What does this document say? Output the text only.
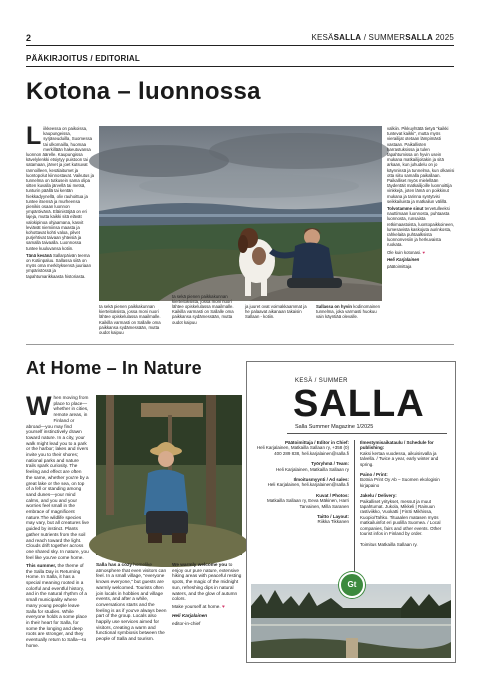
2	KESÄSALLA / SUMMERSALLA 2025
PÄÄKIRJOITUS / EDITORIAL
Kotona – luonnossa

Liikkeessa on paikoissa, kaupungeissa, syrjäseuduilla, Suomessa tai ulkomailla, huomaa merkillään hakeutuvansa luonnon äärelle. Kaupungissa kävelylenkki etsiytyy puistoon tai satamaan, järvet ja joet kutsuvat rannoilleen, kesälaitumet ja luontopolut kiinnostavat. Vaikutus ja tunnelma on tutkusein sama olipa sitten kuvalla järvellä tai metsä, tunturin päällä tai kentän hiekkadyynellä, oliv rauhoittua ja tuntee itsensä ja murheensa pienikis osaan luonnon ympäröivänä. Eläinistöjää on eri lajeja, mutta kaikki sitä elävät valokipinoa ohjaamana, kasvit leviävät niemiinsa maasta ja kohottavat kohti valoa, pilvet purjehtivat taivaan yhteisiä ja samalla taivaalla. Luonnossa tuntee kuuluvansa kotiin.

Tänä kesänä Sallarpäivän teema on Kotiinpaluu. Sallassa siitä on myös oma merkityksensä juuriaan ympäristössä ja tapahtumarikkaasta historiasta.

valkiin. Pikkuyhtätä tietyä "kaikki tuntevat kaikki", mutta myös vierailijat otetaan lämpimästi vastaan. Paikallisten harrastuksissa ja tulen tapahtumissa on hyvin usein mukana matkailijoitakin ja sitä arkaan, kun juhudelu on jo käynnissä ja tunnelma, kun olkanisi otta siitu samalla paikallaan. Paikalliset myös mielellään täydentäit matkailijoille luonnoittija vinkkejä, joten lämä on poikkinut mukana ja tarinna syntytvisi seikkailuista ja matkailun välillä.

Tolvotamme sinut tervetulleeksi nauttimaan luonnosta, puhtaasta luonnosta, runsaista retkimaastoista, luontopaikkoineen, lumesavista kaskojuta aurinkosta, rahkelaita puhtaalksista luonnonvesiin ja herkuvaista ruokata.

Ole kuin kotonasi. ♥

Heli Karjalainen

päätoimittaja

ta sekä pienen paikkakunnan kierteitoksista, jossa moni nuori lähtee opiskelulassa maailmalle. Kaikilla varmasti on Sallalle oma paikkansa sydämessään, mutta oudot kaipuu

ta sekä pienen paikkakunnan kierteitoksista, jossa moni nuori lähtee opiskelulassa maailmalle. Kaikilla varmasti on Sallalle oma paikkansa sydämessään, mutta oudot kaipuu

ja juuret ovat voimakkaammat ja he palaavat aikanaan takaisin Sallaan - kotiin.

Sallassa on hyvin kodinomainen tunnelma, joka varmasti huokuu vain käyntiää olevalle.

At Home – In Nature

When moving from place to place—whether in cities, remote areas, in Finland or abroad—you may find yourself instinctively drawn toward nature. In a city, your walk might lead you to a park or the harbor; lakes and rivers invite you to their shores; national parks and nature trails spark curiosity. The feeling and effect are often the same, whether you're by a great lake or the sea, on top of a fell or standing among sand dunes—your mind calms, and you and your worries feel small in the embrace of magnificent nature.The wildlife species may vary, but all creatures live guided by instinct. Plants gather nutrients from the soil and reach toward the light. Clouds drift together across one shared sky. In nature, you feel like you've come home.

This summer, the theme of the Salla Day is Returning Home. In Salla, it has a special meaning rooted in a colorful and eventful history, and in the natural rhythm of a small municipality where many young people leave Salla for studies. While everyone holds a some place in their heart for Salla, for some the longing and deep roots are stronger, and they eventually return to Salla—to home.

Salla has a cozy homelike atmosphere that even visitors can feel. In a small village, "everyone knows everyone," but guests are warmly welcomed. Tourists often join locals in hobbies and village events, and after a while, conversations starts and the feeling is as if you've always been part of the group. Locals also happily use services aimed for visitors, creating a warm and functional symbiosis between the people of Salla and tourism.

We warmly welcome you to enjoy our pure nature, extensive hiking areas with peaceful resting spots, the magic of the midnight sun, refreshing dips in natural waters, and the glow of autumn colors.

Make yourself at home. ♥

Heli Karjalainen

editor-in-chief

KESÄ / SUMMER
SALLA
Salla Summer Magazine 1/2025
Päätoimittaja / Editor in Chief:
Heli Karjalainen, Matkailla Sallaan ry, +358 (0) 400 289 838, heli.karjalainen@salla.fi
Työryhmä / Team:
Heli Karjalainen, Matkailla Sallaan ry
Ilmoitusmyynti / Ad sales:
Heli Karjalainen, heli.karjalainen@salla.fi
Kuvat / Photos:
Matkailla Sallaan ry, Eeva Mäkinen, Harri Tarvainen, Milla Saranen
Taitto / Layout:
Riikka Tikkanen
Ilmestymisaikataulu / Schedule for publishing:
Kaksi kertaa vuodessa, aikuisisvalla ja talvella. / Twice a year, early winter and spring.
Paino / Print:
Botnia Print Oy Ab – Suomen ekologisin kirjapaino
Jakelu / Delivery:
Paikalliset yritykset, messut ja muut tapahtumat. Jukola, Mikkeli | Rainuun rastiviikko, Vuokatti | FinSi Mikhissa, Kuopio/Tahko. Tituaalen matasen myös matkailuinfot eri puolilla Suomea. / Local companies, fairs and other events. Other tourist infos in Finland by order.
Toimitus Matkailla Sallaan ry.
Gt
